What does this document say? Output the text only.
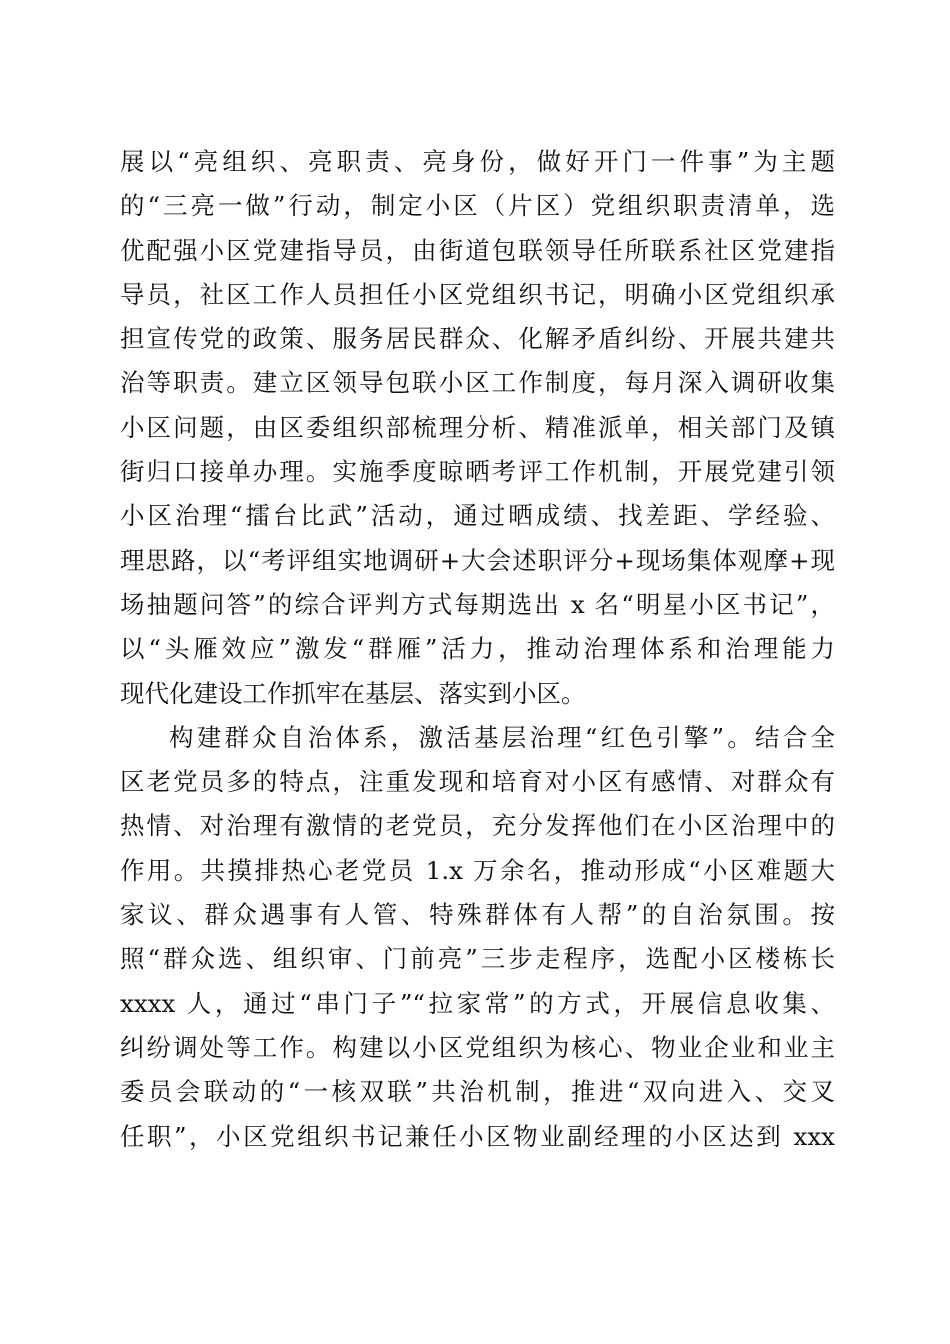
展以“亮组织、亮职责、亮身份，做好开门一件事”为主题
的“三亮一做”行动，制定小区（片区）党组织职责清单，选
优配强小区党建指导员，由街道包联领导任所联系社区党建指
导员，社区工作人员担任小区党组织书记，明确小区党组织承
担宣传党的政策、服务居民群众、化解矛盾纠纷、开展共建共
治等职责。建立区领导包联小区工作制度，每月深入调研收集
小区问题，由区委组织部梳理分析、精准派单，相关部门及镇
街归口接单办理。实施季度晾晒考评工作机制，开展党建引领
小区治理“擂台比武”活动，通过晒成绩、找差距、学经验、
理思路，以“考评组实地调研+大会述职评分+现场集体观摩+现
场抽题问答”的综合评判方式每期选出 x 名“明星小区书记”，
以“头雁效应”激发“群雁”活力，推动治理体系和治理能力
现代化建设工作抓牢在基层、落实到小区。
构建群众自治体系，激活基层治理“红色引擎”。结合全
区老党员多的特点，注重发现和培育对小区有感情、对群众有
热情、对治理有激情的老党员，充分发挥他们在小区治理中的
作用。共摸排热心老党员 1.x 万余名，推动形成“小区难题大
家议、群众遇事有人管、特殊群体有人帮”的自治氛围。按
照“群众选、组织审、门前亮”三步走程序，选配小区楼栋长
xxxx 人，通过“串门子”“拉家常”的方式，开展信息收集、
纠纷调处等工作。构建以小区党组织为核心、物业企业和业主
委员会联动的“一核双联”共治机制，推进“双向进入、交叉
任职”，小区党组织书记兼任小区物业副经理的小区达到 xxx
